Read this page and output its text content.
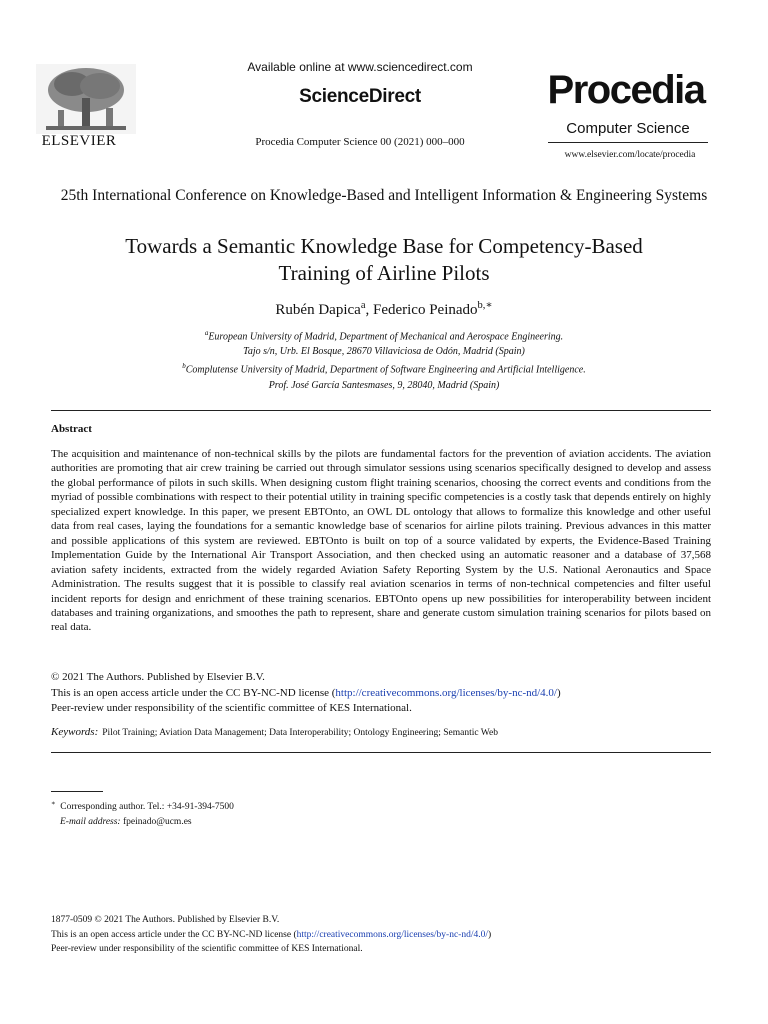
ELSEVIER
Available online at www.sciencedirect.com
ScienceDirect
Procedia Computer Science 00 (2021) 000–000
Procedia
Computer Science
www.elsevier.com/locate/procedia
25th International Conference on Knowledge-Based and Intelligent Information & Engineering Systems
Towards a Semantic Knowledge Base for Competency-Based
Training of Airline Pilots
Rubén Dapica$^a$, Federico Peinado$^{b,∗}$
$^a$European University of Madrid, Department of Mechanical and Aerospace Engineering.
Tajo s/n, Urb. El Bosque, 28670 Villaviciosa de Odón, Madrid (Spain)
$^b$Complutense University of Madrid, Department of Software Engineering and Artificial Intelligence.
Prof. José García Santesmases, 9, 28040, Madrid (Spain)
Abstract
The acquisition and maintenance of non-technical skills by the pilots are fundamental factors for the prevention of aviation accidents. The aviation authorities are promoting that air crew training be carried out through simulator sessions using scenarios specifically designed to develop and assess the global performance of pilots in such skills. When designing custom flight training scenarios, choosing the correct events and conditions from the myriad of possible combinations with respect to their potential utility in training specific competencies is a costly task that depends entirely on highly specialized expert knowledge. In this paper, we present EBTOnto, an OWL DL ontology that allows to formalize this knowledge and other useful data from real cases, laying the foundations for a semantic knowledge base of scenarios for airline pilots training. Previous advances in this matter and possible applications of this system are reviewed. EBTOnto is built on top of a source validated by experts, the Evidence-Based Training Implementation Guide by the International Air Transport Association, and then checked using an automatic reasoner and a database of 37,568 aviation safety incidents, extracted from the widely regarded Aviation Safety Reporting System by the U.S. National Aeronautics and Space Administration. The results suggest that it is possible to classify real aviation scenarios in terms of non-technical competencies and filter useful incident reports for design and enrichment of these training scenarios. EBTOnto opens up new possibilities for interoperability between incident databases and training organizations, and smoothes the path to represent, share and generate custom simulation training scenarios for pilots based on real data.
© 2021 The Authors. Published by Elsevier B.V.
This is an open access article under the CC BY-NC-ND license (http://creativecommons.org/licenses/by-nc-nd/4.0/)
Peer-review under responsibility of the scientific committee of KES International.
Keywords: Pilot Training; Aviation Data Management; Data Interoperability; Ontology Engineering; Semantic Web
∗ Corresponding author. Tel.: +34-91-394-7500
E-mail address: fpeinado@ucm.es
1877-0509 © 2021 The Authors. Published by Elsevier B.V.
This is an open access article under the CC BY-NC-ND license (http://creativecommons.org/licenses/by-nc-nd/4.0/)
Peer-review under responsibility of the scientific committee of KES International.
